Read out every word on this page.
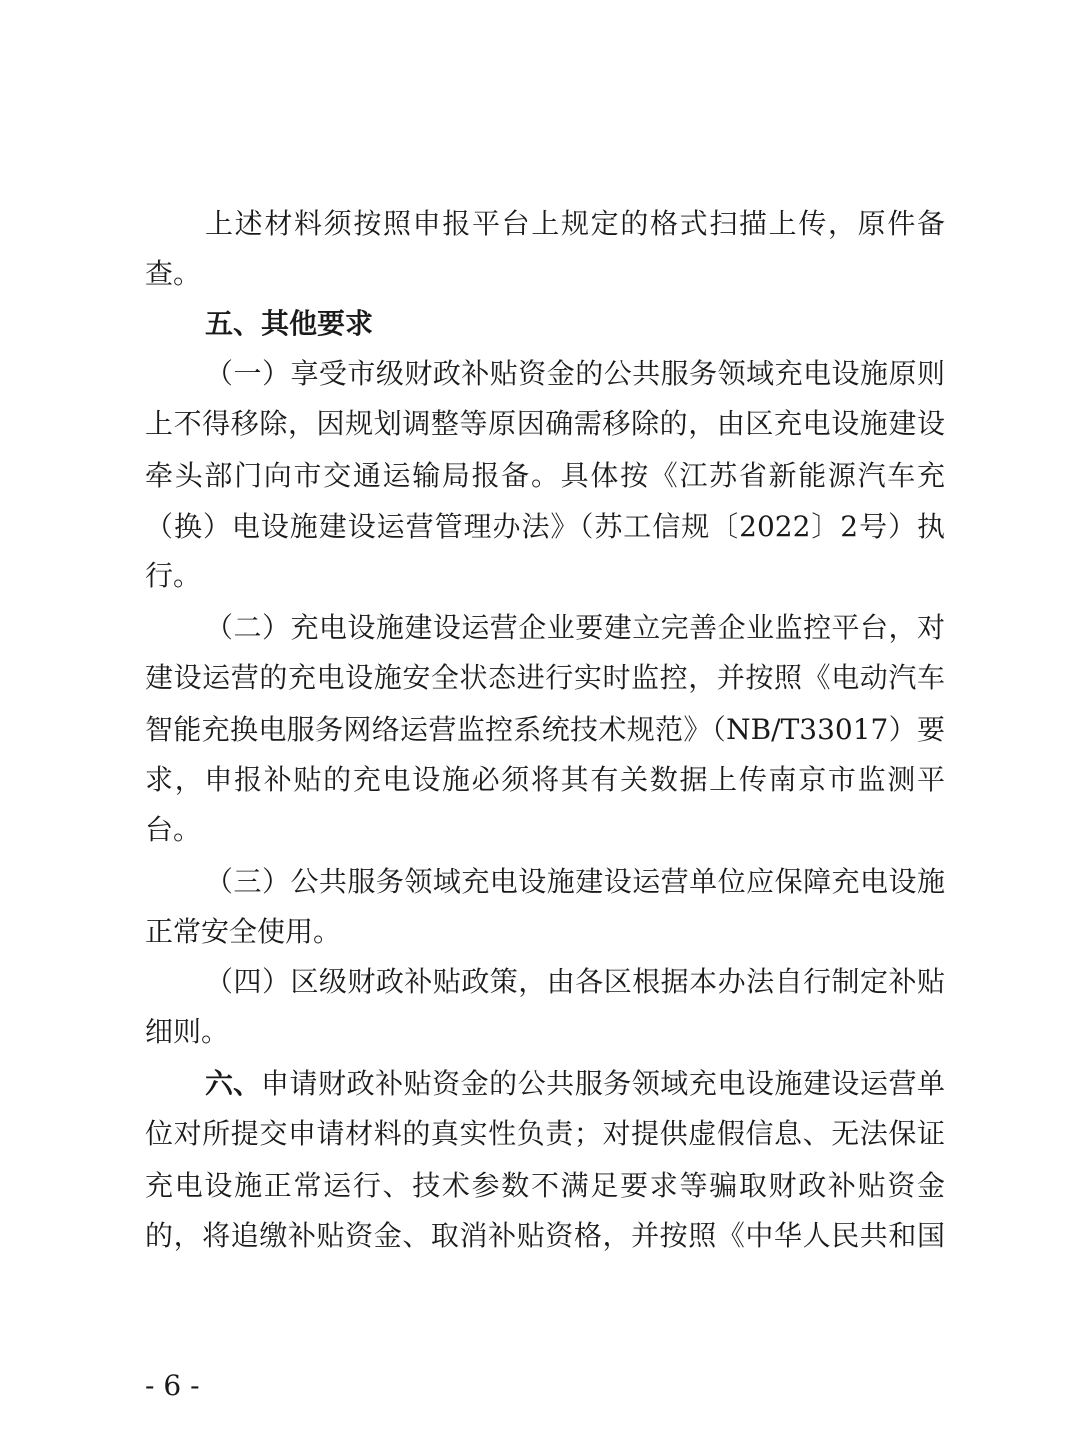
上述材料须按照申报平台上规定的格式扫描上传，原件备
查。
五、其他要求
（一）享受市级财政补贴资金的公共服务领域充电设施原则
上不得移除，因规划调整等原因确需移除的，由区充电设施建设
牵头部门向市交通运输局报备。具体按《江苏省新能源汽车充
（换）电设施建设运营管理办法》（苏工信规〔2022〕2号）执
行。
（二）充电设施建设运营企业要建立完善企业监控平台，对
建设运营的充电设施安全状态进行实时监控，并按照《电动汽车
智能充换电服务网络运营监控系统技术规范》（NB/T33017）要
求，申报补贴的充电设施必须将其有关数据上传南京市监测平
台。
（三）公共服务领域充电设施建设运营单位应保障充电设施
正常安全使用。
（四）区级财政补贴政策，由各区根据本办法自行制定补贴
细则。
六、 申请财政补贴资金的公共服务领域充电设施建设运营单
位对所提交申请材料的真实性负责；对提供虚假信息、无法保证
充电设施正常运行、技术参数不满足要求等骗取财政补贴资金
的，将追缴补贴资金、取消补贴资格，并按照《中华人民共和国
- 6 -
